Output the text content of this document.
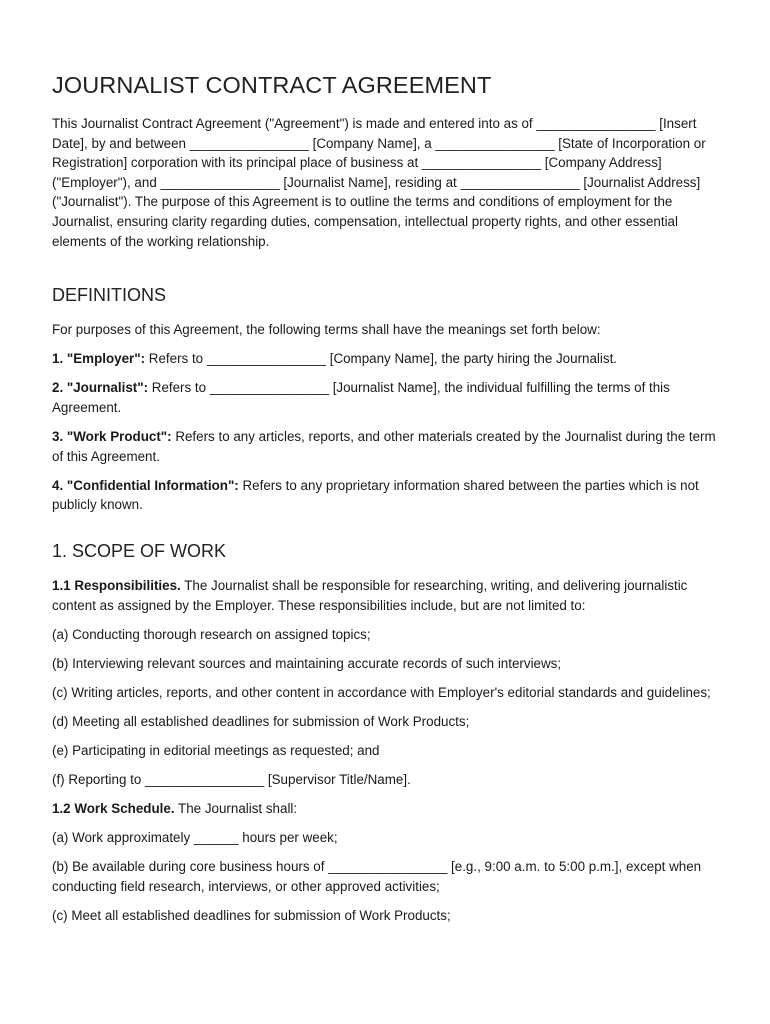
JOURNALIST CONTRACT AGREEMENT

This Journalist Contract Agreement ("Agreement") is made and entered into as of ________________ [Insert Date], by and between ________________ [Company Name], a ________________ [State of Incorporation or Registration] corporation with its principal place of business at ________________ [Company Address] ("Employer"), and ________________ [Journalist Name], residing at ________________ [Journalist Address] ("Journalist"). The purpose of this Agreement is to outline the terms and conditions of employment for the Journalist, ensuring clarity regarding duties, compensation, intellectual property rights, and other essential elements of the working relationship.

DEFINITIONS

For purposes of this Agreement, the following terms shall have the meanings set forth below:

1. "Employer": Refers to ________________ [Company Name], the party hiring the Journalist.

2. "Journalist": Refers to ________________ [Journalist Name], the individual fulfilling the terms of this Agreement.

3. "Work Product": Refers to any articles, reports, and other materials created by the Journalist during the term of this Agreement.

4. "Confidential Information": Refers to any proprietary information shared between the parties which is not publicly known.

1. SCOPE OF WORK

1.1 Responsibilities. The Journalist shall be responsible for researching, writing, and delivering journalistic content as assigned by the Employer. These responsibilities include, but are not limited to:

(a) Conducting thorough research on assigned topics;

(b) Interviewing relevant sources and maintaining accurate records of such interviews;

(c) Writing articles, reports, and other content in accordance with Employer's editorial standards and guidelines;

(d) Meeting all established deadlines for submission of Work Products;

(e) Participating in editorial meetings as requested; and

(f) Reporting to ________________ [Supervisor Title/Name].

1.2 Work Schedule. The Journalist shall:

(a) Work approximately ______ hours per week;

(b) Be available during core business hours of ________________ [e.g., 9:00 a.m. to 5:00 p.m.], except when conducting field research, interviews, or other approved activities;

(c) Meet all established deadlines for submission of Work Products;
